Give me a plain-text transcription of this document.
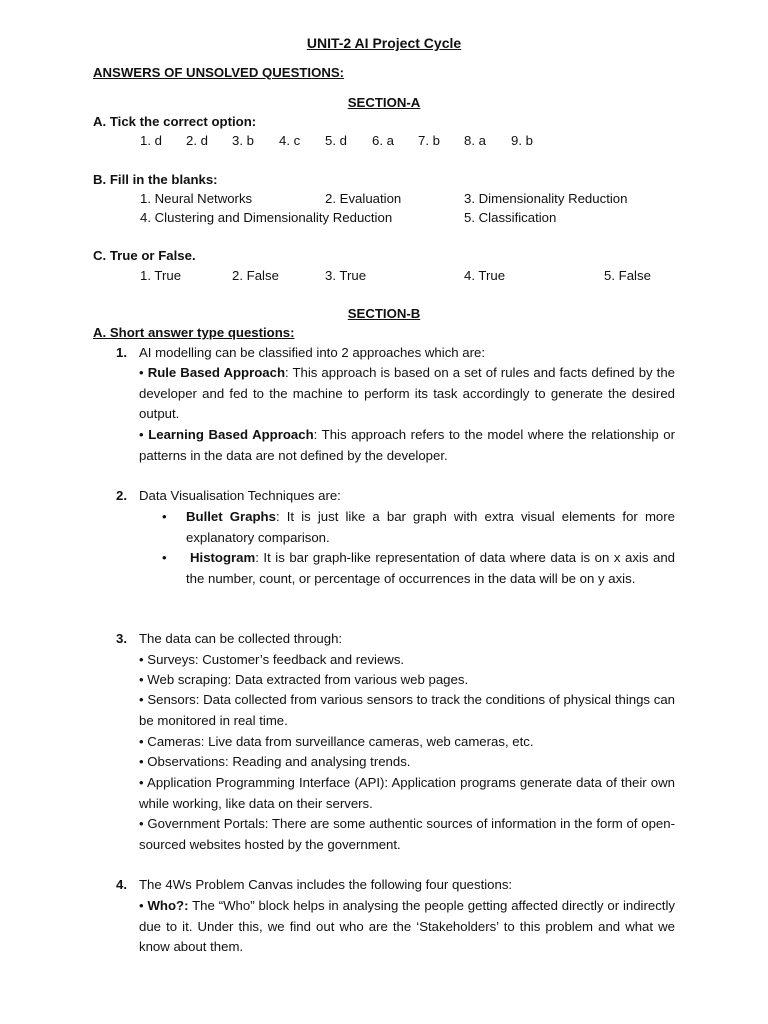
UNIT-2 AI Project Cycle
ANSWERS OF UNSOLVED QUESTIONS:
SECTION-A
A. Tick the correct option:
1. d 2. d 3. b 4. c 5. d 6. a 7. b 8. a 9. b
B. Fill in the blanks:
1. Neural Networks	2. Evaluation	3. Dimensionality Reduction
4. Clustering and Dimensionality Reduction	5. Classification
C. True or False.
1. True	2. False	3. True	4. True	5. False
SECTION-B
A. Short answer type questions:
1. AI modelling can be classified into 2 approaches which are:
• Rule Based Approach: This approach is based on a set of rules and facts defined by the developer and fed to the machine to perform its task accordingly to generate the desired output.
• Learning Based Approach: This approach refers to the model where the relationship or patterns in the data are not defined by the developer.
2. Data Visualisation Techniques are:
• Bullet Graphs: It is just like a bar graph with extra visual elements for more explanatory comparison.
•	Histogram: It is bar graph-like representation of data where data is on x axis and the number, count, or percentage of occurrences in the data will be on y axis.
3. The data can be collected through:
• Surveys: Customer’s feedback and reviews.
• Web scraping: Data extracted from various web pages.
• Sensors: Data collected from various sensors to track the conditions of physical things can be monitored in real time.
• Cameras: Live data from surveillance cameras, web cameras, etc.
• Observations: Reading and analysing trends.
• Application Programming Interface (API): Application programs generate data of their own while working, like data on their servers.
• Government Portals: There are some authentic sources of information in the form of open-sourced websites hosted by the government.
4. The 4Ws Problem Canvas includes the following four questions:
• Who?: The “Who” block helps in analysing the people getting affected directly or indirectly due to it. Under this, we find out who are the ‘Stakeholders’ to this problem and what we know about them.
